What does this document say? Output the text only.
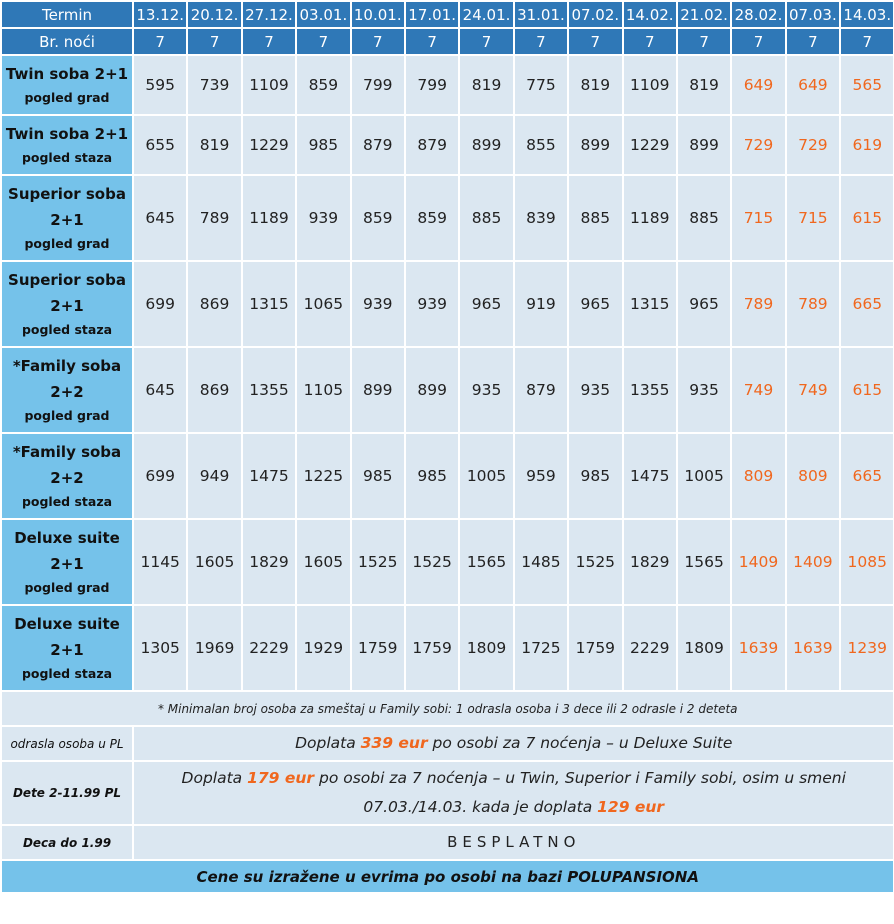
Termin	13.12.	20.12.	27.12.	03.01.	10.01.	17.01.	24.01.	31.01.	07.02.	14.02.	21.02.	28.02.	07.03.	14.03.
Br. noći	7	7	7	7	7	7	7	7	7	7	7	7	7	7

Twin soba 2+1
pogled grad	595	739	1109	859	799	799	819	775	819	1109	819	649	649	565

Twin soba 2+1
pogled staza	655	819	1229	985	879	879	899	855	899	1229	899	729	729	619

Superior soba
2+1
pogled grad	645	789	1189	939	859	859	885	839	885	1189	885	715	715	615

Superior soba
2+1
pogled staza	699	869	1315	1065	939	939	965	919	965	1315	965	789	789	665

*Family soba
2+2
pogled grad	645	869	1355	1105	899	899	935	879	935	1355	935	749	749	615

*Family soba
2+2
pogled staza	699	949	1475	1225	985	985	1005	959	985	1475	1005	809	809	665

Deluxe suite
2+1
pogled grad	1145	1605	1829	1605	1525	1525	1565	1485	1525	1829	1565	1409	1409	1085

Deluxe suite
2+1
pogled staza	1305	1969	2229	1929	1759	1759	1809	1725	1759	2229	1809	1639	1639	1239
* Minimalan broj osoba za smeštaj u Family sobi: 1 odrasla osoba i 3 dece ili 2 odrasle i 2 deteta														
odrasla osoba u PL	Doplata 339 eur po osobi za 7 noćenja – u Deluxe Suite													
Dete 2-11.99 PL	Doplata 179 eur po osobi za 7 noćenja – u Twin, Superior i Family sobi, osim u smeni 07.03./14.03. kada je doplata 129 eur													
Deca do 1.99	BESPLATNO													
Cene su izražene u evrima po osobi na bazi POLUPANSIONA														
